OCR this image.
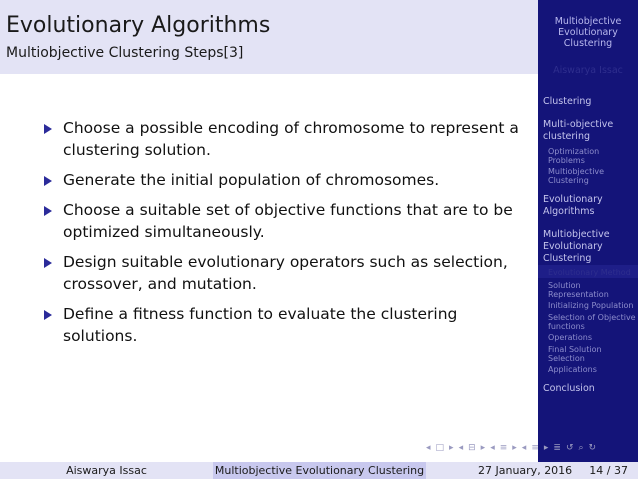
Evolutionary Algorithms
Multiobjective Clustering Steps[3]
Choose a possible encoding of chromosome to represent a clustering solution.
Generate the initial population of chromosomes.
Choose a suitable set of objective functions that are to be optimized simultaneously.
Design suitable evolutionary operators such as selection, crossover, and mutation.
Define a fitness function to evaluate the clustering solutions.
Multiobjective Evolutionary Clustering
Aiswarya Issac
Clustering
Multi-objective clustering
Optimization Problems
Multiobjective Clustering
Evolutionary Algorithms
Multiobjective Evolutionary Clustering
Evolutionary Method
Solution Representation
Initializing Population
Selection of Objective functions
Operations
Final Solution Selection
Applications
Conclusion
◂ □ ▸ ◂ ⊟ ▸ ◂ ≡ ▸ ◂ ≡ ▸ ≣ ↺ ⌕ ↻
Aiswarya Issac	Multiobjective Evolutionary Clustering	27 January, 2016 14 / 37
